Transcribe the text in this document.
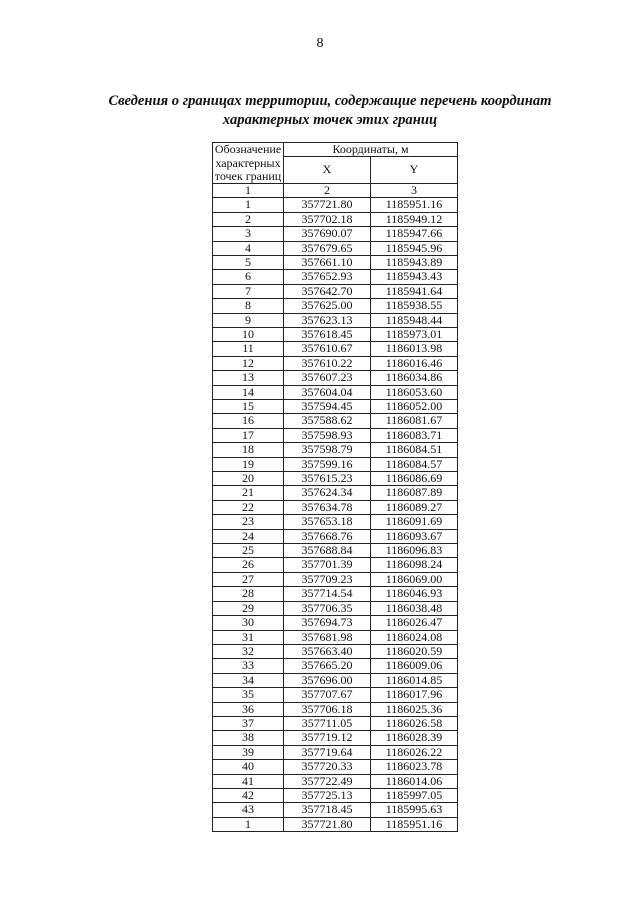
8
Сведения о границах территории, содержащие перечень координат
характерных точек этих границ
Обозначение	Координаты, м	

характерных
точек границ	X	Y

1	2	3
1	357721.80	1185951.16
2	357702.18	1185949.12
3	357690.07	1185947.66
4	357679.65	1185945.96
5	357661.10	1185943.89
6	357652.93	1185943.43
7	357642.70	1185941.64
8	357625.00	1185938.55
9	357623.13	1185948.44
10	357618.45	1185973.01
11	357610.67	1186013.98
12	357610.22	1186016.46
13	357607.23	1186034.86
14	357604.04	1186053.60
15	357594.45	1186052.00
16	357588.62	1186081.67
17	357598.93	1186083.71
18	357598.79	1186084.51
19	357599.16	1186084.57
20	357615.23	1186086.69
21	357624.34	1186087.89
22	357634.78	1186089.27
23	357653.18	1186091.69
24	357668.76	1186093.67
25	357688.84	1186096.83
26	357701.39	1186098.24
27	357709.23	1186069.00
28	357714.54	1186046.93
29	357706.35	1186038.48
30	357694.73	1186026.47
31	357681.98	1186024.08
32	357663.40	1186020.59
33	357665.20	1186009.06
34	357696.00	1186014.85
35	357707.67	1186017.96
36	357706.18	1186025.36
37	357711.05	1186026.58
38	357719.12	1186028.39
39	357719.64	1186026.22
40	357720.33	1186023.78
41	357722.49	1186014.06
42	357725.13	1185997.05
43	357718.45	1185995.63
1	357721.80	1185951.16
